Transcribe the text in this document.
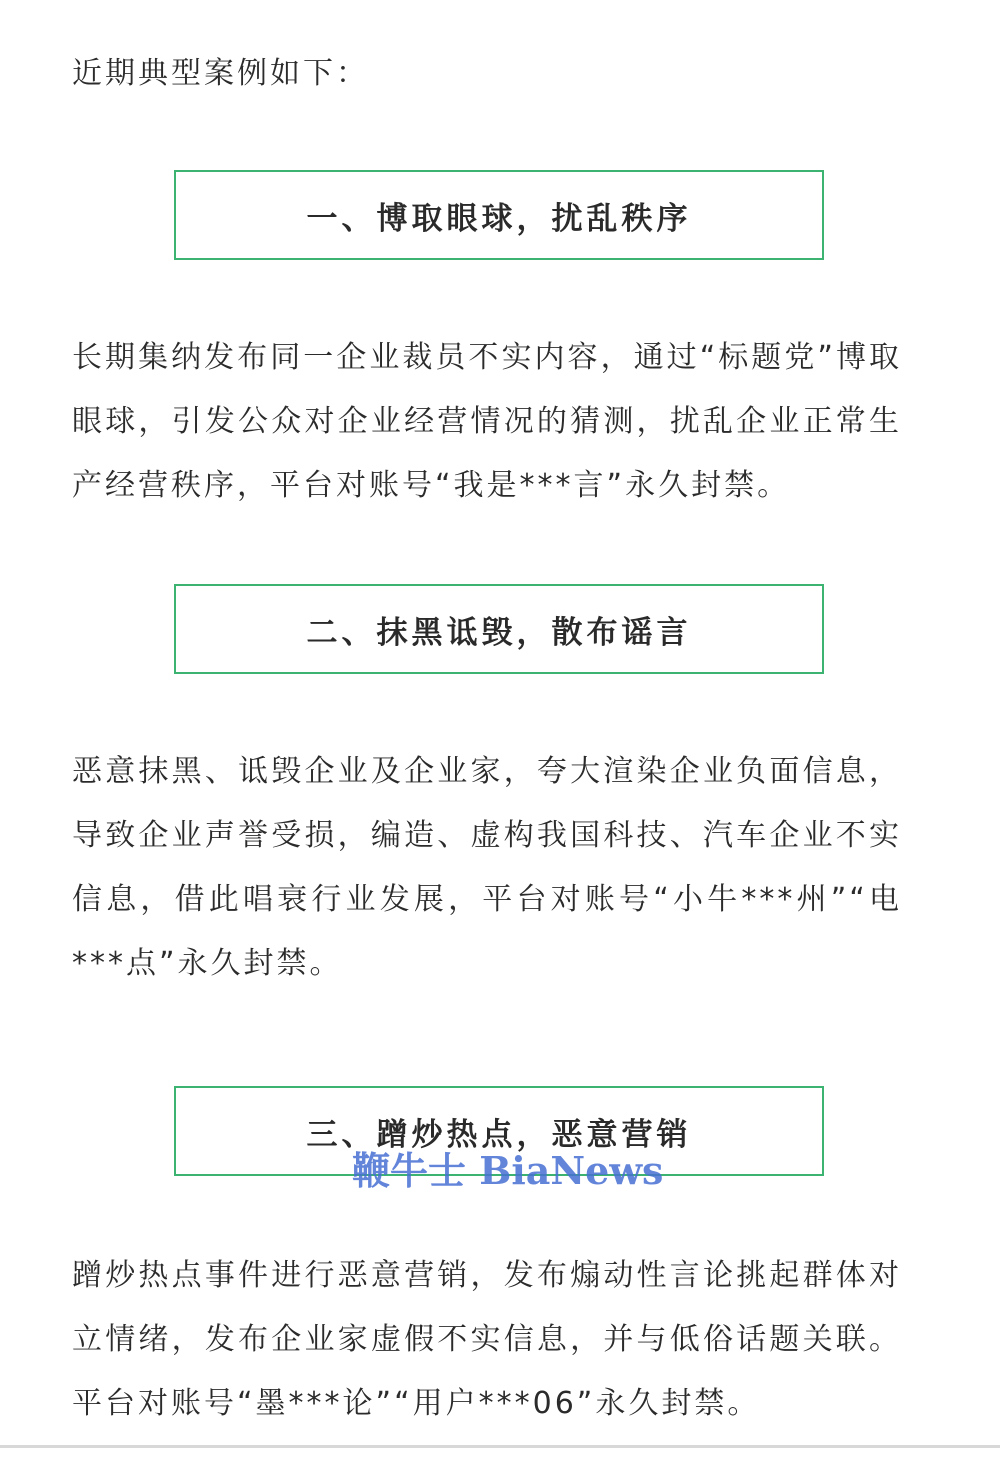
近期典型案例如下：

一、博取眼球，扰乱秩序

长期集纳发布同一企业裁员不实内容，通过“标题党”博取眼球，引发公众对企业经营情况的猜测，扰乱企业正常生产经营秩序，平台对账号“我是***言”永久封禁。

二、抹黑诋毁，散布谣言

恶意抹黑、诋毁企业及企业家，夸大渲染企业负面信息，导致企业声誉受损，编造、虚构我国科技、汽车企业不实信息，借此唱衰行业发展，平台对账号“小牛***州”“电***点”永久封禁。

三、蹭炒热点，恶意营销

蹭炒热点事件进行恶意营销，发布煽动性言论挑起群体对立情绪，发布企业家虚假不实信息，并与低俗话题关联。平台对账号“墨***论”“用户***06”永久封禁。

鞭牛士 BiaNews
